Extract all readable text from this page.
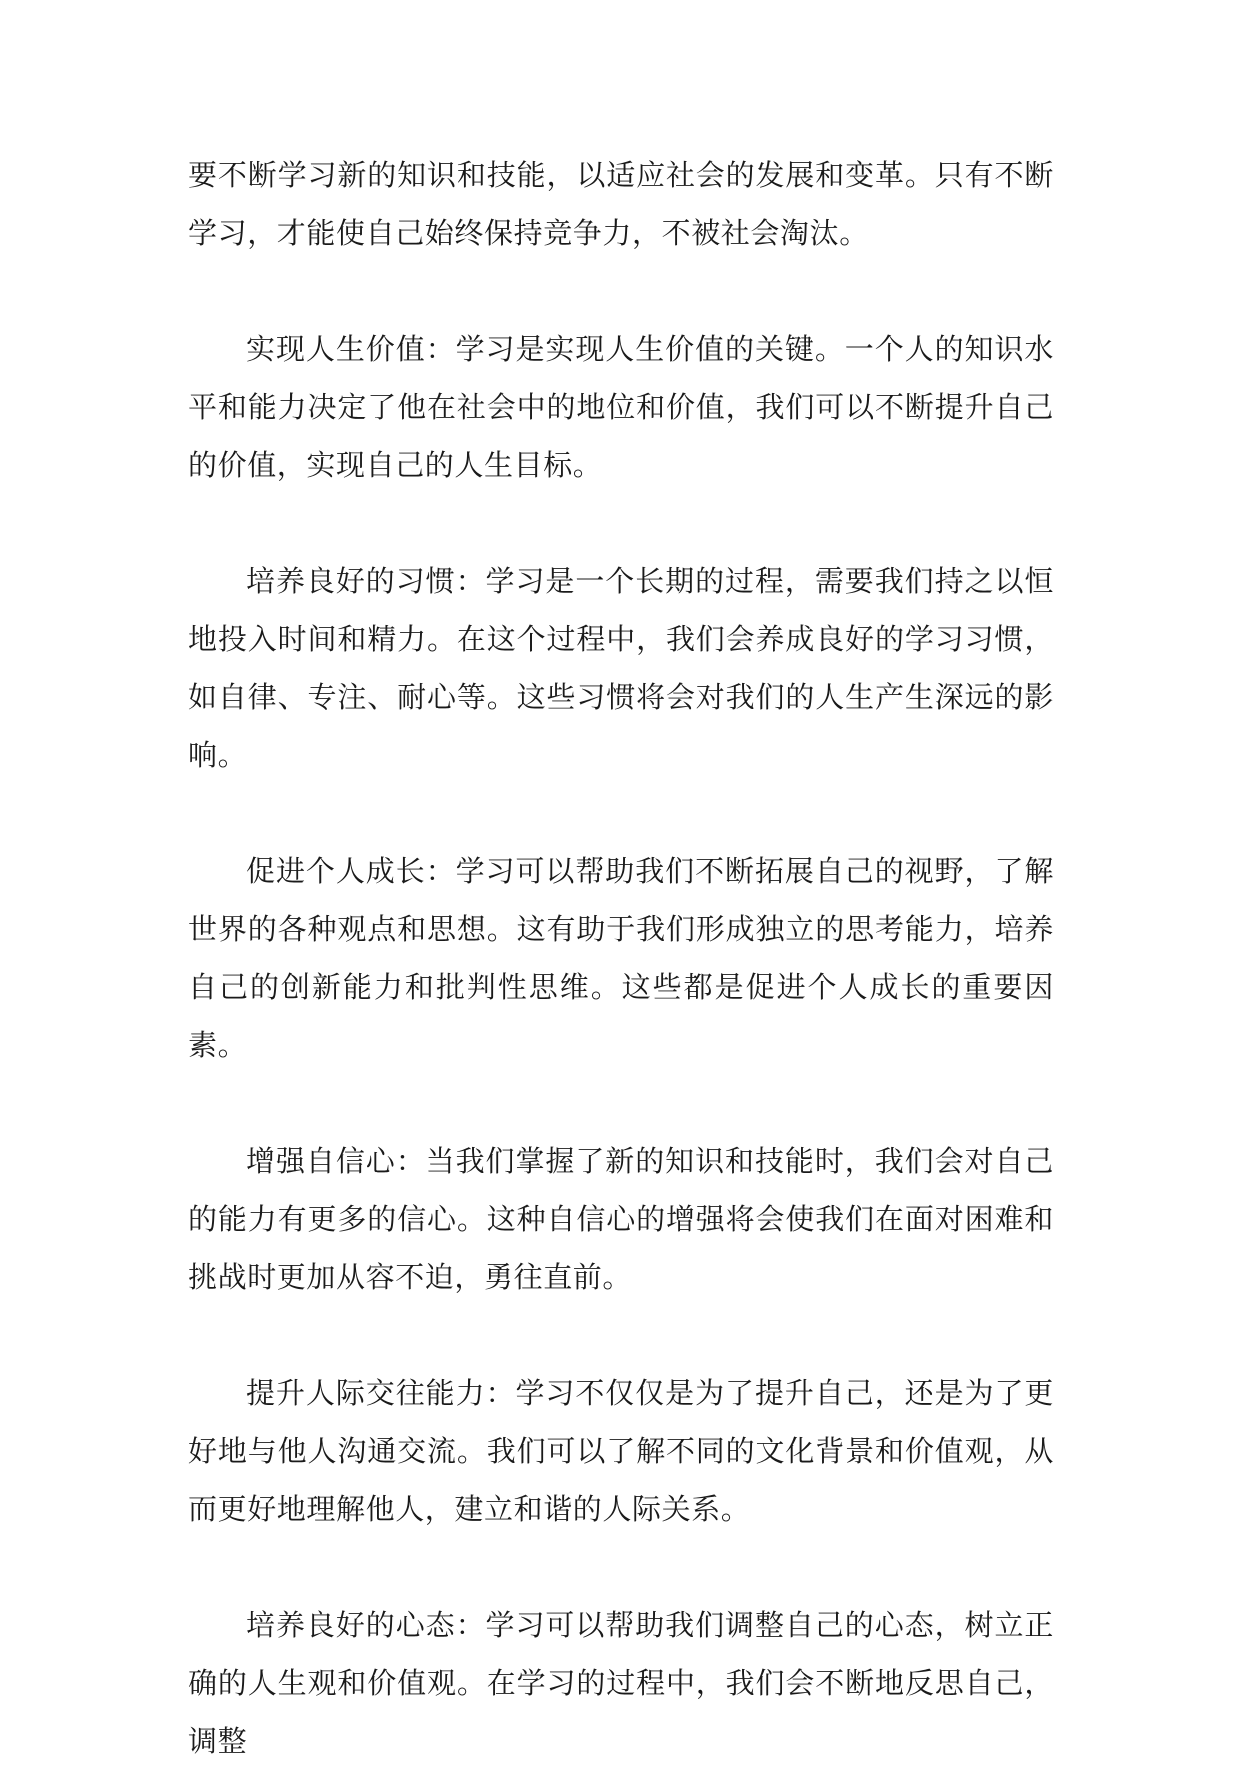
要不断学习新的知识和技能，以适应社会的发展和变革。只有不断学习，才能使自己始终保持竞争力，不被社会淘汰。

实现人生价值：学习是实现人生价值的关键。一个人的知识水平和能力决定了他在社会中的地位和价值，我们可以不断提升自己的价值，实现自己的人生目标。

培养良好的习惯：学习是一个长期的过程，需要我们持之以恒地投入时间和精力。在这个过程中，我们会养成良好的学习习惯，如自律、专注、耐心等。这些习惯将会对我们的人生产生深远的影响。

促进个人成长：学习可以帮助我们不断拓展自己的视野，了解世界的各种观点和思想。这有助于我们形成独立的思考能力，培养自己的创新能力和批判性思维。这些都是促进个人成长的重要因素。

增强自信心：当我们掌握了新的知识和技能时，我们会对自己的能力有更多的信心。这种自信心的增强将会使我们在面对困难和挑战时更加从容不迫，勇往直前。

提升人际交往能力：学习不仅仅是为了提升自己，还是为了更好地与他人沟通交流。我们可以了解不同的文化背景和价值观，从而更好地理解他人，建立和谐的人际关系。

培养良好的心态：学习可以帮助我们调整自己的心态，树立正确的人生观和价值观。在学习的过程中，我们会不断地反思自己，调整
